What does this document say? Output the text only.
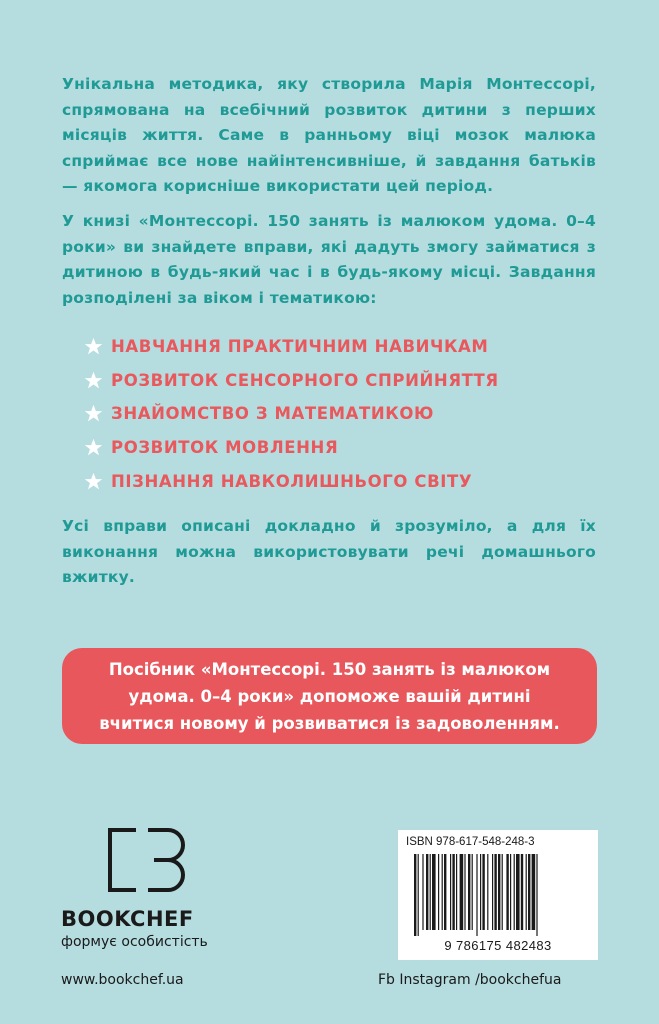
Унікальна методика, яку створила Марія Монтессорі, спрямована на всебічний розвиток дитини з перших місяців життя. Саме в ранньому віці мозок малюка сприймає все нове найінтенсивніше, й завдання батьків — якомога корисніше використати цей період.

У книзі «Монтессорі. 150 занять із малюком удома. 0–4 роки» ви знайдете вправи, які дадуть змогу займатися з дитиною в будь-який час і в будь-якому місці. Завдання розподілені за віком і тематикою:

НАВЧАННЯ ПРАКТИЧНИМ НАВИЧКАМ
РОЗВИТОК СЕНСОРНОГО СПРИЙНЯТТЯ
ЗНАЙОМСТВО З МАТЕМАТИКОЮ
РОЗВИТОК МОВЛЕННЯ
ПІЗНАННЯ НАВКОЛИШНЬОГО СВІТУ

Усі вправи описані докладно й зрозуміло, а для їх виконання можна використовувати речі домашнього вжитку.

Посібник «Монтессорі. 150 занять із малюком удома. 0–4 роки» допоможе вашій дитині вчитися новому й розвиватися із задоволенням.

BOOKCHEF
формує особистість
www.bookchef.ua	Fb Instagram /bookchefua
ISBN 978-617-548-248-3
9 786175 482483
